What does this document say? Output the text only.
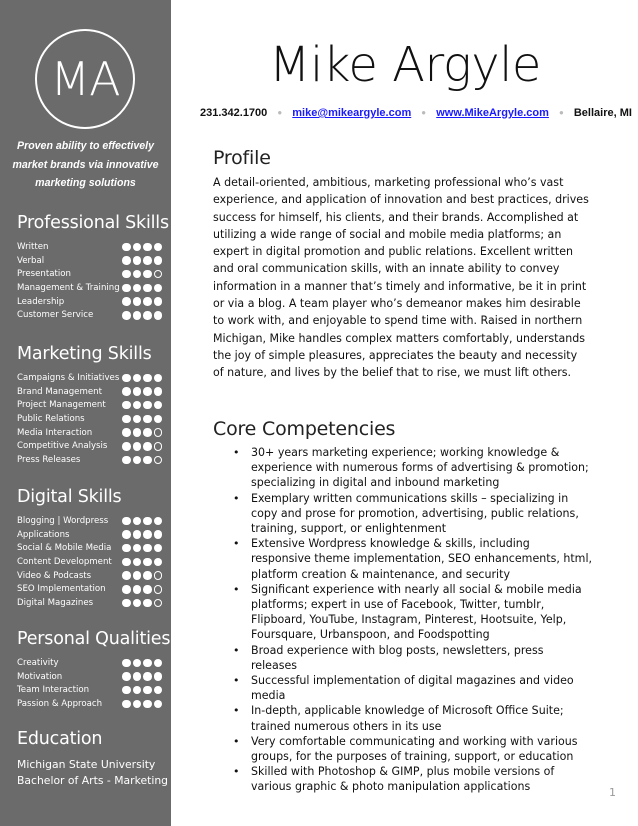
MA
Proven ability to effectively market brands via innovative marketing solutions
Professional Skills
Written
Verbal
Presentation
Management & Training
Leadership
Customer Service
Marketing Skills
Campaigns & Initiatives
Brand Management
Project Management
Public Relations
Media Interaction
Competitive Analysis
Press Releases
Digital Skills
Blogging | Wordpress
Applications
Social & Mobile Media
Content Development
Video & Podcasts
SEO Implementation
Digital Magazines
Personal Qualities
Creativity
Motivation
Team Interaction
Passion & Approach
Education
Michigan State University
Bachelor of Arts - Marketing
Mike Argyle
231.342.1700 ● mike@mikeargyle.com ● www.MikeArgyle.com ● Bellaire, MI
Profile
A detail-oriented, ambitious, marketing professional who’s vast experience, and application of innovation and best practices, drives success for himself, his clients, and their brands. Accomplished at utilizing a wide range of social and mobile media platforms; an expert in digital promotion and public relations. Excellent written and oral communication skills, with an innate ability to convey information in a manner that’s timely and informative, be it in print or via a blog. A team player who’s demeanor makes him desirable to work with, and enjoyable to spend time with. Raised in northern Michigan, Mike handles complex matters comfortably, understands the joy of simple pleasures, appreciates the beauty and necessity of nature, and lives by the belief that to rise, we must lift others.
Core Competencies
• 30+ years marketing experience; working knowledge & experience with numerous forms of advertising & promotion; specializing in digital and inbound marketing
• Exemplary written communications skills – specializing in copy and prose for promotion, advertising, public relations, training, support, or enlightenment
• Extensive Wordpress knowledge & skills, including responsive theme implementation, SEO enhancements, html, platform creation & maintenance, and security
• Significant experience with nearly all social & mobile media platforms; expert in use of Facebook, Twitter, tumblr, Flipboard, YouTube, Instagram, Pinterest, Hootsuite, Yelp, Foursquare, Urbanspoon, and Foodspotting
• Broad experience with blog posts, newsletters, press releases
• Successful implementation of digital magazines and video media
• In-depth, applicable knowledge of Microsoft Office Suite; trained numerous others in its use
• Very comfortable communicating and working with various groups, for the purposes of training, support, or education
• Skilled with Photoshop & GIMP, plus mobile versions of various graphic & photo manipulation applications	1
